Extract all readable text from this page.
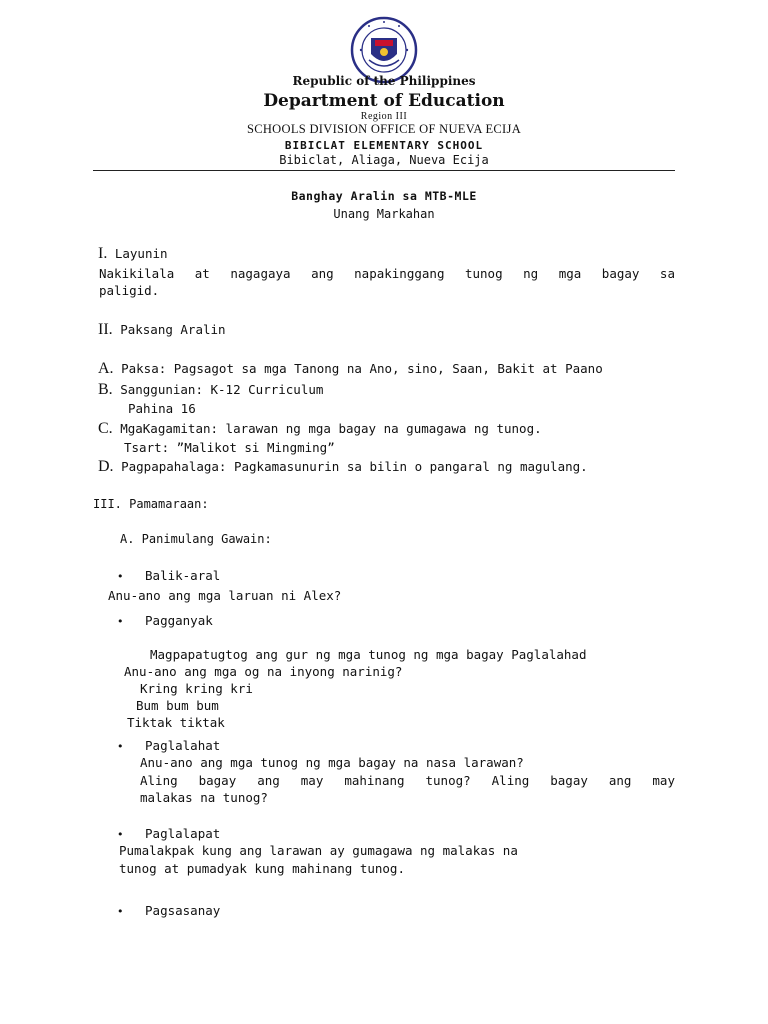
Republic of the Philippines
Department of Education
Region III
SCHOOLS DIVISION OFFICE OF NUEVA ECIJA
BIBICLAT ELEMENTARY SCHOOL
Bibiclat, Aliaga, Nueva Ecija
Banghay Aralin sa MTB-MLE
Unang Markahan
I. Layunin
Nakikilala at nagagaya ang napakinggang tunog ng mga bagay sa
paligid.
II. Paksang Aralin
A. Paksa: Pagsagot sa mga Tanong na Ano, sino, Saan, Bakit at Paano
B. Sanggunian: K-12 Curriculum
Pahina 16
C. MgaKagamitan: larawan ng mga bagay na gumagawa ng tunog.
Tsart: ”Malikot si Mingming”
D. Pagpapahalaga: Pagkamasunurin sa bilin o pangaral ng magulang.
III. Pamamaraan:
A. Panimulang Gawain:
• Balik-aral
Anu-ano ang mga laruan ni Alex?
• Pagganyak
Magpapatugtog ang gur ng mga tunog ng mga bagay Paglalahad
Anu-ano ang mga og na inyong narinig?
Kring kring kri
Bum bum bum
Tiktak tiktak
• Paglalahat
Anu-ano ang mga tunog ng mga bagay na nasa larawan?
Aling bagay ang may mahinang tunog? Aling bagay ang may
malakas na tunog?
• Paglalapat
Pumalakpak kung ang larawan ay gumagawa ng malakas na
tunog at pumadyak kung mahinang tunog.
• Pagsasanay
